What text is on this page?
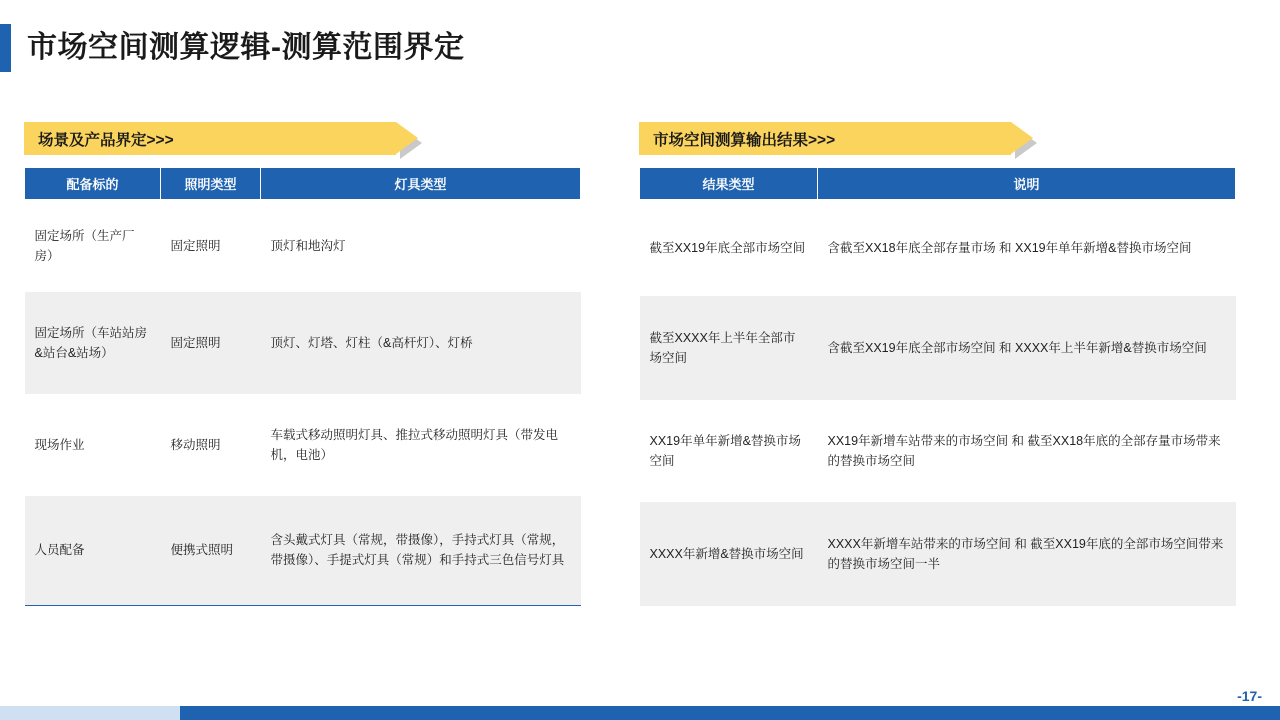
市场空间测算逻辑-测算范围界定
场景及产品界定>>>
配备标的	照明类型	灯具类型
固定场所（生产厂房）	固定照明	顶灯和地沟灯
固定场所（车站站房&站台&站场）	固定照明	顶灯、灯塔、灯柱（&高杆灯）、灯桥
现场作业	移动照明	车载式移动照明灯具、推拉式移动照明灯具（带发电机，电池）
人员配备	便携式照明	含头戴式灯具（常规，带摄像），手持式灯具（常规，带摄像）、手提式灯具（常规）和手持式三色信号灯具

市场空间测算输出结果>>>
结果类型	说明
截至XX19年底全部市场空间	含截至XX18年底全部存量市场 和 XX19年单年新增&替换市场空间
截至XXXX年上半年全部市场空间	含截至XX19年底全部市场空间 和 XXXX年上半年新增&替换市场空间
XX19年单年新增&替换市场空间	XX19年新增车站带来的市场空间 和 截至XX18年底的全部存量市场带来的替换市场空间
XXXX年新增&替换市场空间	XXXX年新增车站带来的市场空间 和 截至XX19年底的全部市场空间带来的替换市场空间一半
-17-
